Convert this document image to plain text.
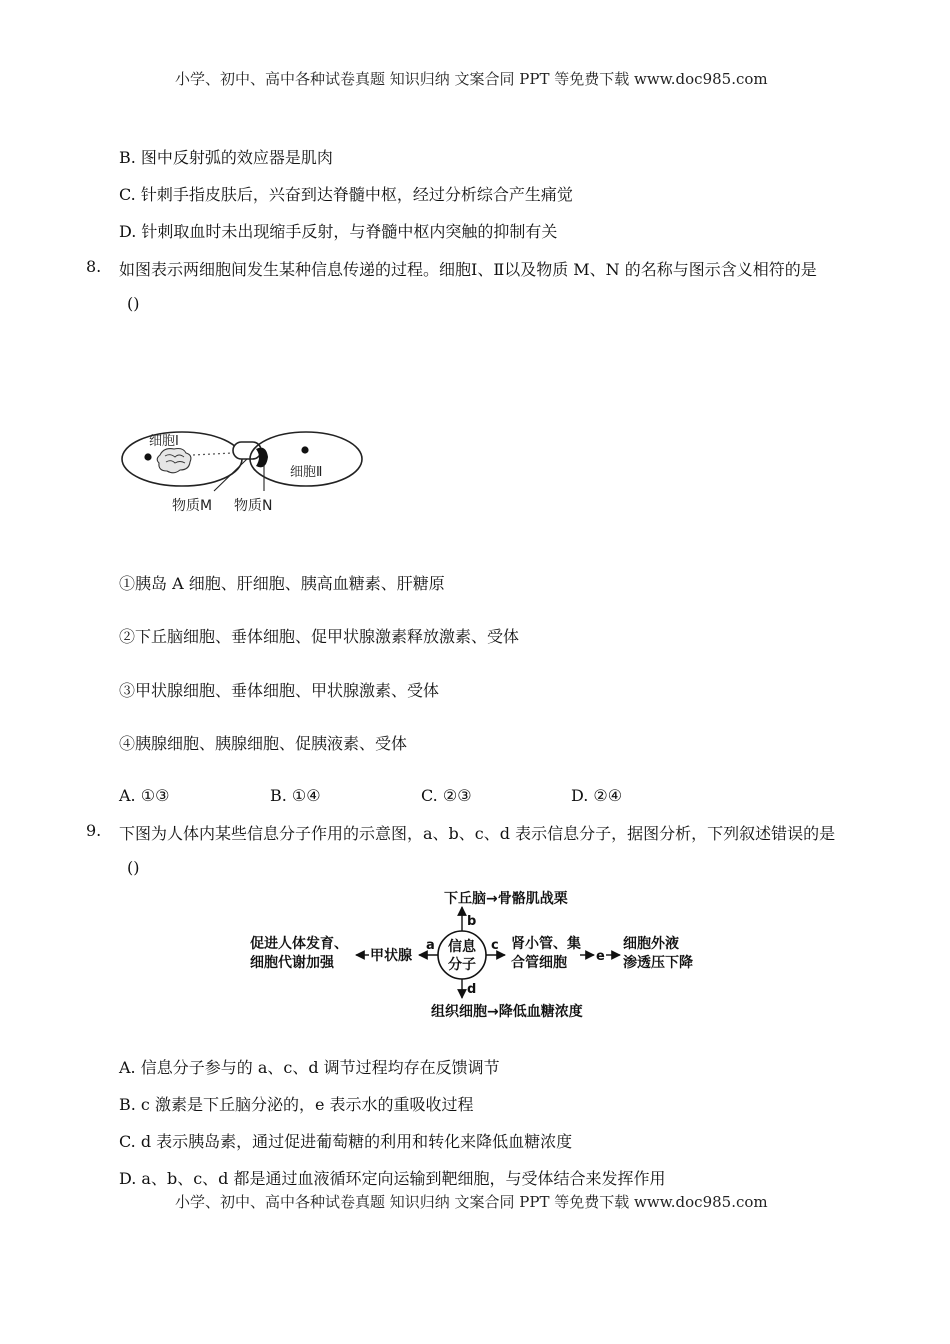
小学、初中、高中各种试卷真题 知识归纳 文案合同 PPT 等免费下载 www.doc985.com
B. 图中反射弧的效应器是肌肉
C. 针刺手指皮肤后，兴奋到达脊髓中枢，经过分析综合产生痛觉
D. 针刺取血时未出现缩手反射，与脊髓中枢内突触的抑制有关
8. 如图表示两细胞间发生某种信息传递的过程。细胞Ⅰ、Ⅱ以及物质 M、N 的名称与图示含义相符的是
()
细胞Ⅰ
细胞Ⅱ
物质M 物质N
①胰岛 A 细胞、肝细胞、胰高血糖素、肝糖原
②下丘脑细胞、垂体细胞、促甲状腺激素释放激素、受体
③甲状腺细胞、垂体细胞、甲状腺激素、受体
④胰腺细胞、胰腺细胞、促胰液素、受体
A. ①③	B. ①④	C. ②③	D. ②④
9. 下图为人体内某些信息分子作用的示意图，a、b、c、d 表示信息分子，据图分析，下列叙述错误的是
()
信息
分子
b
下丘脑→骨骼肌战栗
a
甲状腺
促进人体发育、
细胞代谢加强
c 肾小管、集
合管细胞 e
细胞外液
渗透压下降
d
组织细胞→降低血糖浓度
A. 信息分子参与的 a、c、d 调节过程均存在反馈调节
B. c 激素是下丘脑分泌的，e 表示水的重吸收过程
C. d 表示胰岛素，通过促进葡萄糖的利用和转化来降低血糖浓度
D. a、b、c、d 都是通过血液循环定向运输到靶细胞，与受体结合来发挥作用
小学、初中、高中各种试卷真题 知识归纳 文案合同 PPT 等免费下载 www.doc985.com
